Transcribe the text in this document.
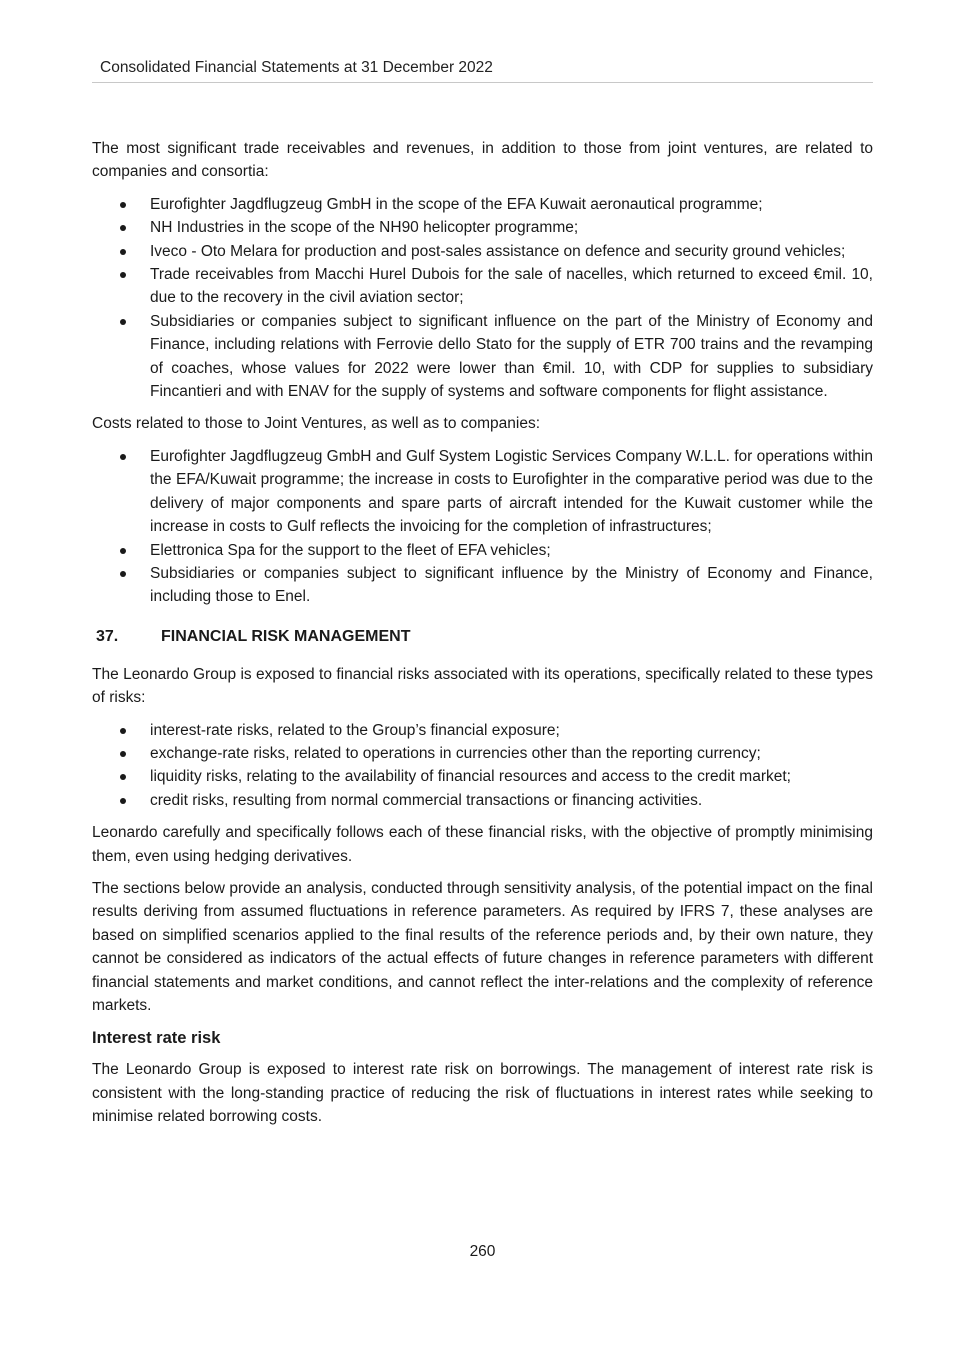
Consolidated Financial Statements at 31 December 2022

The most significant trade receivables and revenues, in addition to those from joint ventures, are related to companies and consortia:

Eurofighter Jagdflugzeug GmbH in the scope of the EFA Kuwait aeronautical programme;
NH Industries in the scope of the NH90 helicopter programme;
Iveco - Oto Melara for production and post-sales assistance on defence and security ground vehicles;
Trade receivables from Macchi Hurel Dubois for the sale of nacelles, which returned to exceed €mil. 10, due to the recovery in the civil aviation sector;
Subsidiaries or companies subject to significant influence on the part of the Ministry of Economy and Finance, including relations with Ferrovie dello Stato for the supply of ETR 700 trains and the revamping of coaches, whose values for 2022 were lower than €mil. 10, with CDP for supplies to subsidiary Fincantieri and with ENAV for the supply of systems and software components for flight assistance.

Costs related to those to Joint Ventures, as well as to companies:

Eurofighter Jagdflugzeug GmbH and Gulf System Logistic Services Company W.L.L. for operations within the EFA/Kuwait programme; the increase in costs to Eurofighter in the comparative period was due to the delivery of major components and spare parts of aircraft intended for the Kuwait customer while the increase in costs to Gulf reflects the invoicing for the completion of infrastructures;
Elettronica Spa for the support to the fleet of EFA vehicles;
Subsidiaries or companies subject to significant influence by the Ministry of Economy and Finance, including those to Enel.
37.	FINANCIAL RISK MANAGEMENT

The Leonardo Group is exposed to financial risks associated with its operations, specifically related to these types of risks:

interest-rate risks, related to the Group’s financial exposure;
exchange-rate risks, related to operations in currencies other than the reporting currency;
liquidity risks, relating to the availability of financial resources and access to the credit market;
credit risks, resulting from normal commercial transactions or financing activities.

Leonardo carefully and specifically follows each of these financial risks, with the objective of promptly minimising them, even using hedging derivatives.

The sections below provide an analysis, conducted through sensitivity analysis, of the potential impact on the final results deriving from assumed fluctuations in reference parameters. As required by IFRS 7, these analyses are based on simplified scenarios applied to the final results of the reference periods and, by their own nature, they cannot be considered as indicators of the actual effects of future changes in reference parameters with different financial statements and market conditions, and cannot reflect the inter-relations and the complexity of reference markets.

Interest rate risk

The Leonardo Group is exposed to interest rate risk on borrowings. The management of interest rate risk is consistent with the long-standing practice of reducing the risk of fluctuations in interest rates while seeking to minimise related borrowing costs.

260
